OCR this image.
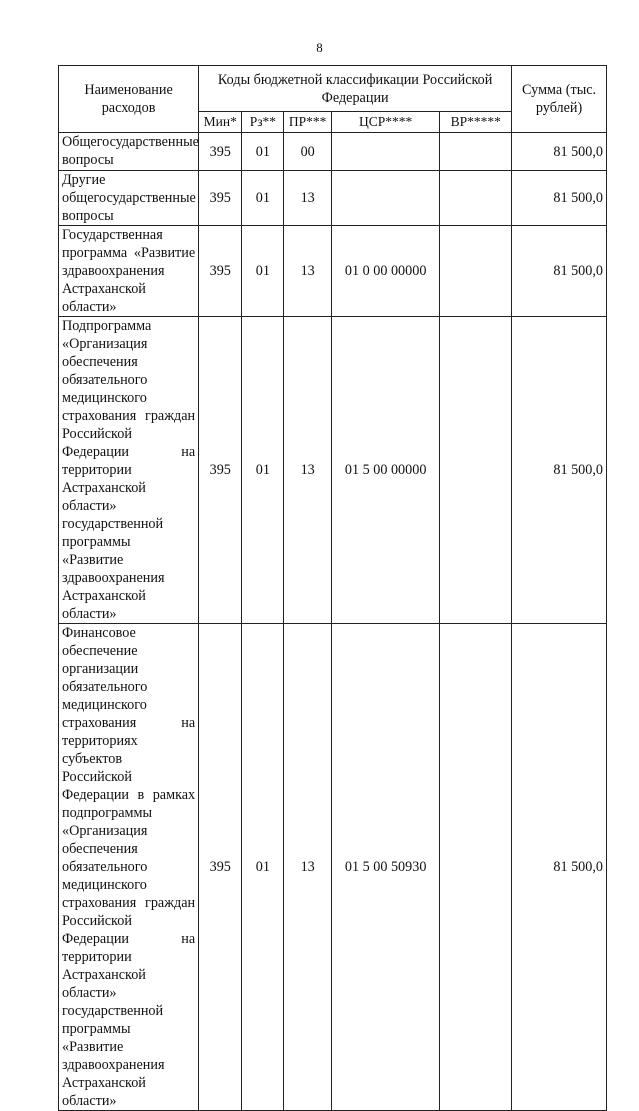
8
Наименование расходов	Коды бюджетной классификации Российской Федерации					Сумма (тыс. рублей)
	Мин*	Рз**	ПР***	ЦСР****	ВР*****	
Общегосударственные вопросы	395	01	00			81 500,0
Другие общегосударственные вопросы	395	01	13			81 500,0
Государственная программа «Развитие здравоохранения Астраханской области»	395	01	13	01 0 00 00000		81 500,0
Подпрограмма «Организация обеспечения обязательного медицинского страхования граждан Российской Федерации на территории Астраханской области» государственной программы «Развитие здравоохранения Астраханской области»	395	01	13	01 5 00 00000		81 500,0
Финансовое обеспечение организации обязательного медицинского страхования на территориях субъектов Российской Федерации в рамках подпрограммы «Организация обеспечения обязательного медицинского страхования граждан Российской Федерации на территории Астраханской области» государственной программы «Развитие здравоохранения Астраханской области»	395	01	13	01 5 00 50930		81 500,0
